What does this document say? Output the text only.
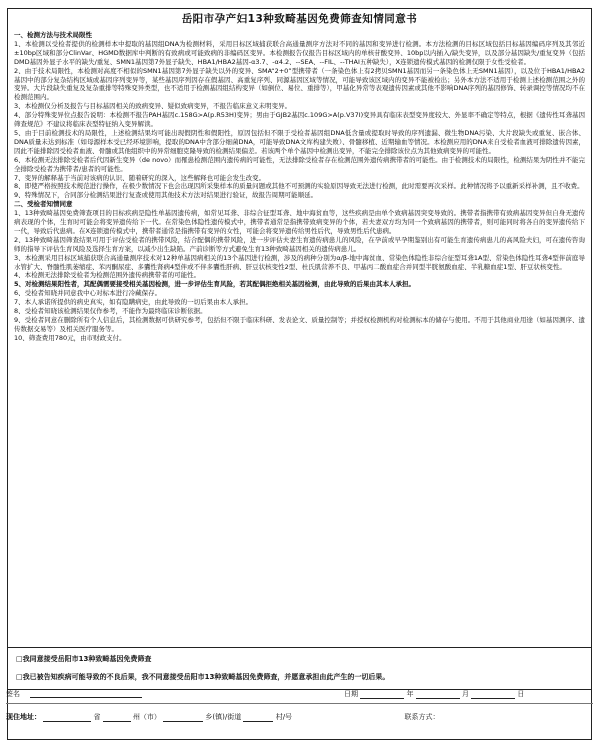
岳阳市孕产妇13种致畸基因免费筛查知情同意书

一、检测方法与技术局限性

1、本检测以受检者提供的检测样本中提取的基因组DNA为检测材料，采用目标区域捕获联合高通量测序方法对不同的基因和变异进行检测。本方法检测的目标区域包括目标基因编码序列及其邻近±10bp区域和部分ClinVar、HGMD数据库中判断的有致病或可能致病的非编码区变异。本检测报告仅报告目标区域内的单核苷酸变异、10bp以内插入/缺失变异，以及部分基因缺失/重复变异（包括DMD基因外显子水平的缺失/重复、SMN1基因第7外显子缺失、HBA1/HBA2基因-α3.7、-α4.2、--SEA、--FIL、--THAI五种缺失），X连锁遗传模式基因的检测仅限于女性受检者。

2、由于技术局限性，本检测对高度不相似的SMN1基因第7外显子缺失以外的变异、SMA“2+0”型携带者（一条染色体上有2拷贝SMN1基因而另一条染色体上无SMN1基因），以及位于HBA1/HBA2基因中的部分复杂结构区域或基因序列变异等，某些基因序列因存在假基因、高重复序列、同源基因区域等情况，可能导致该区域内的变异不能被检出；另外本方法不适用于检测上述检测范围之外的变异。大片段缺失重复及复杂重排等特殊变异类型，也不适用于检测基因组结构变异（如倒位、易位、重排等），甲基化异常等表观遗传因素或其他不影响DNA序列的基因修饰、转录调控等情况均不在检测范围内。

3、本检测仅分析及报告与目标基因相关的致病变异、疑似致病变异，不报告临床意义未明变异。

4、部分特殊变异位点报告说明：本检测不报告PAH基因c.158G>A(p.R53H)变异；男由于GJB2基因c.109G>A(p.V37I)变异具有临床表型变异度较大、外显率不确定等特点，根据《遗传性耳聋基因筛查规范》不建议将临床表型特征纳入变异解读。

5、由于目前检测技术的局限性，上述检测结果均可能出现假阴性和假阳性，原因包括但不限于受检者基因组DNA低含量或提取时导致的序列遗漏、微生物DNA污染、大片段缺失或重复、嵌合体、DNA质量未达到标准（如母源样本受已经环境影响，提取的DNA中含部分细菌DNA，可能导致DNA文库构建失败）、骨髓移植、近期输血等情况。本检测应用的DNA来自受检者血液可排除遗传因素，因此不能排除因受检者血液、骨髓或其他组织中的异常细胞克隆导致的检测结果偏差。若该两个单个基因中检测出变异，不能完全排除该位点为其他致病变异的可能性。

6、本检测无法排除受检者后代因新生变异（de novo）而罹患检测范围内遗传病的可能性，无法排除受检者存在检测范围外遗传病携带者的可能性。由于检测技术的局限性，检测结果为阴性并不能完全排除受检者为携带者/患者的可能性。

7、变异的解释基于当前对该病的认识、随着研究的深入，这些解释也可能会发生改变。

8、即使严格按照技术规范进行操作，在极少数情况下也会出现因所采集样本的质量问题或其他不可预测的实验原因导致无法进行检测，此时需要再次采样。此种情况将予以重新采样补测，且不收费。

9、特殊情况下，合同部分检测结果进行复查或使用其他技术方法对结果进行验证，故报告周期可能顺延。

二、受检者知情同意

1、13种致畸基因免费筛查项目的目标疾病是隐性单基因遗传病，如常见耳聋、非综合征型耳聋、地中海贫血等，这些疾病是由单个致病基因突变导致的。携带者指携带有致病基因变异但自身无遗传病表现的个体，生育时可能会将变异遗传给下一代。在常染色体隐性遗传模式中，携带者通常是指携带致病变异的个体，若夫妻双方均为同一个致病基因的携带者，则可能同时将各自的变异遗传给下一代，导致后代患病。在X连锁遗传模式中，携带者通常是指携带有变异的女性，可能会将变异遗传给男性后代，导致男性后代患病。

2、13种致畸基因筛查结果可用于评估受检者的携带风险，结合配偶的携带风险，进一步评估夫妻生育遗传病患儿的风险，在孕前或早孕期鉴别出有可能生育遗传病患儿的高风险夫妇，可在遗传咨询师的指导下评估生育风险及选择生育方案，以减少出生缺陷。产前诊断等方式避免生育13种致畸基因相关的遗传病患儿。

3、本检测采用目标区域捕获联合高通量测序技术对12种单基因病相关的13个基因进行检测，涉及的病种分别为α/β-地中海贫血、常染色体隐性非综合征型耳聋1A型、常染色体隐性耳聋4型伴前庭导水管扩大、脊髓性肌萎缩症、苯丙酮尿症、多囊性肾病4型伴或不伴多囊性肝病、肝豆状核变性2型、杜氏肌营养不良、甲基丙二酸血症合并同型半胱氨酸血症、半乳糖血症1型、肝豆状核变性。

4、本检测无法排除受检者为检测范围外遗传病携带者的可能性。

5、对检测结果阳性者，其配偶需要接受相关基因检测，进一步评估生育风险，若其配偶拒绝相关基因检测，由此导致的后果由其本人承担。

6、受检者知晓并同意我中心对标本进行冷藏保存。

7、本人承诺所提供的病史真实，如有隐瞒病史，由此导致的一切后果由本人承担。

8、受检者知晓该检测结果仅作参考，不能作为最终临床诊断依据。

9、受检者同意在删除所有个人信息后，其检测数据可供研究参考，包括但不限于临床科研、发表论文、质量控制等；并授权检测机构对检测标本的储存与使用。不用于其他商业用途（如基因测序、遗传数据交易等）及相关医疗服务等。

10、筛查费用780元，由市财政支付。

□我同意接受岳阳市13种致畸基因免费筛查
□我已被告知疾病可能导致的不良后果，我不同意接受岳阳市13种致畸基因免费筛查，并愿意承担由此产生的一切后果。
签名	日期	年	月	日
现住地址：	省	州（市）	乡(镇)/街道	村/号	联系方式：
